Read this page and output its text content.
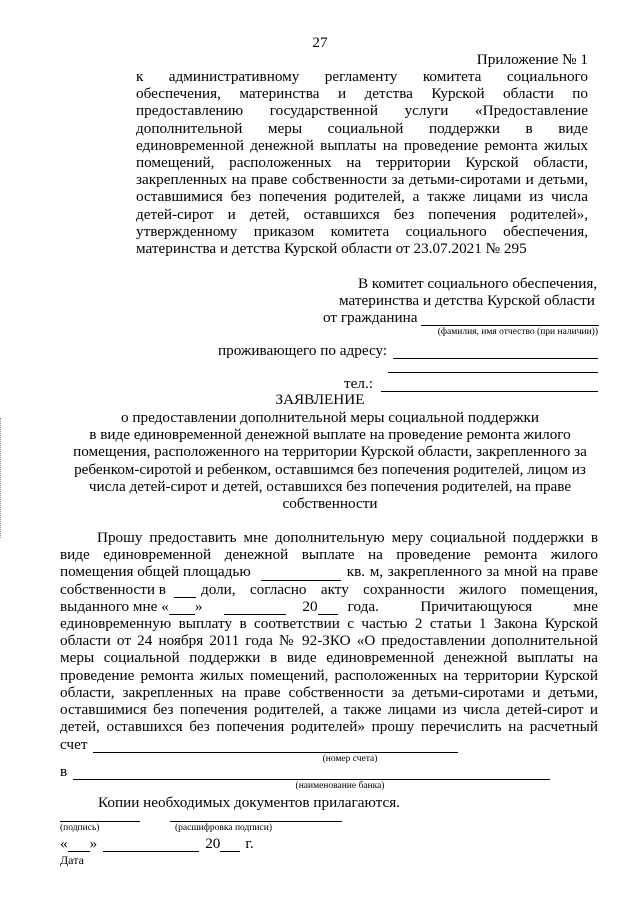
27
Приложение № 1
к административному регламенту комитета социального
обеспечения, материнства и детства Курской области по
предоставлению государственной услуги «Предоставление
дополнительной меры социальной поддержки в виде
единовременной денежной выплаты на проведение ремонта жилых
помещений, расположенных на территории Курской области,
закрепленных на праве собственности за детьми-сиротами и детьми,
оставшимися без попечения родителей, а также лицами из числа
детей-сирот и детей, оставшихся без попечения родителей»,
утвержденному приказом комитета социального обеспечения,
материнства и детства Курской области от 23.07.2021 № 295
В комитет социального обеспечения,
материнства и детства Курской области
от гражданина
(фамилия, имя отчество (при наличии))
проживающего по адресу:
тел.:
ЗАЯВЛЕНИЕ
о предоставлении дополнительной меры социальной поддержки
в виде единовременной денежной выплате на проведение ремонта жилого
помещения, расположенного на территории Курской области, закрепленного за
ребенком-сиротой и ребенком, оставшимся без попечения родителей, лицом из
числа детей-сирот и детей, оставшихся без попечения родителей, на праве
собственности
Прошу предоставить мне дополнительную меру социальной поддержки в
виде единовременной денежной выплате на проведение ремонта жилого
помещения общей площадью	кв. м, закрепленного за мной на праве
собственности в доли, согласно акту сохранности жилого помещения,
выданного мне « »	20 года. Причитающуюся мне
единовременную выплату в соответствии с частью 2 статьи 1 Закона Курской
области от 24 ноября 2011 года № 92-ЗКО «О предоставлении дополнительной
меры социальной поддержки в виде единовременной денежной выплаты на
проведение ремонта жилых помещений, расположенных на территории Курской
области, закрепленных на праве собственности за детьми-сиротами и детьми,
оставшимися без попечения родителей, а также лицами из числа детей-сирот и
детей, оставшихся без попечения родителей» прошу перечислить на расчетный
счет
(номер счета)
в
(наименование банка)
Копии необходимых документов прилагаются.
(подпись)	(расшифровка подписи)
« »	20 г.
Дата
